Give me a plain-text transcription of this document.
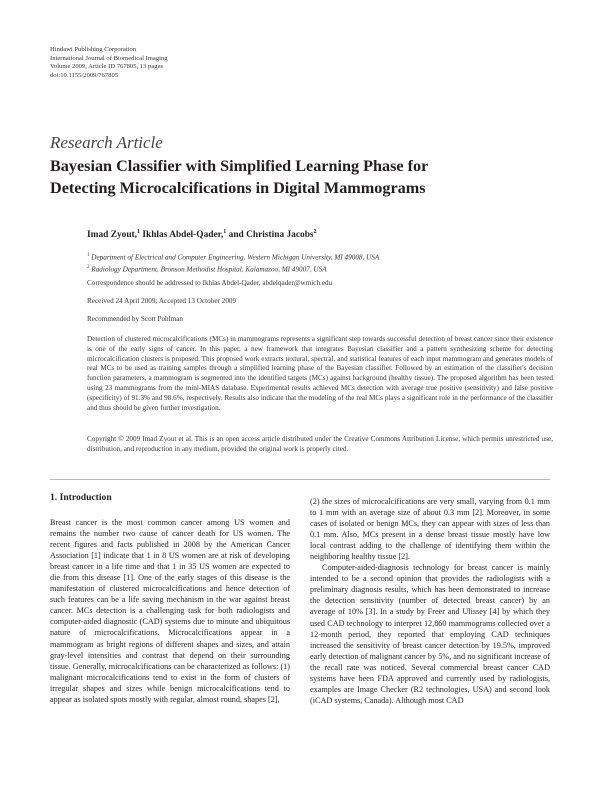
Hindawi Publishing Corporation
International Journal of Biomedical Imaging
Volume 2009, Article ID 767805, 13 pages
doi:10.1155/2009/767805
Research Article
Bayesian Classifier with Simplified Learning Phase for
Detecting Microcalcifications in Digital Mammograms
Imad Zyout,$^1$ Ikhlas Abdel-Qader,$^1$ and Christina Jacobs$^2$
$^1$ Department of Electrical and Computer Engineering, Western Michigan University, MI 49008, USA
$^2$ Radiology Department, Bronson Methodist Hospital, Kalamazoo, MI 49007, USA
Correspondence should be addressed to Ikhlas Abdel-Qader, abdelqader@wmich.edu
Received 24 April 2009; Accepted 13 October 2009
Recommended by Scott Pohlman
Detection of clustered microcalcifications (MCs) in mammograms represents a significant step towards successful detection of breast cancer since their existence is one of the early signs of cancer. In this paper, a new framework that integrates Bayesian classifier and a pattern synthesizing scheme for detecting microcalcification clusters is proposed. This proposed work extracts textural, spectral, and statistical features of each input mammogram and generates models of real MCs to be used as training samples through a simplified learning phase of the Bayesian classifier. Followed by an estimation of the classifier's decision function parameters, a mammogram is segmented into the identified targets (MCs) against background (healthy tissue). The proposed algorithm has been tested using 23 mammograms from the mini-MIAS database. Experimental results achieved MCs detection with average true positive (sensitivity) and false positive (specificity) of 91.3% and 98.6%, respectively. Results also indicate that the modeling of the real MCs plays a significant role in the performance of the classifier and thus should be given further investigation.
Copyright © 2009 Imad Zyout et al. This is an open access article distributed under the Creative Commons Attribution License, which permits unrestricted use, distribution, and reproduction in any medium, provided the original work is properly cited.
1. Introduction

Breast cancer is the most common cancer among US women and remains the number two cause of cancer death for US women. The recent figures and facts published in 2008 by the American Cancer Association [1] indicate that 1 in 8 US women are at risk of developing breast cancer in a life time and that 1 in 35 US women are expected to die from this disease [1]. One of the early stages of this disease is the manifestation of clustered microcalcifications and hence detection of such features can be a life saving mechanism in the war against breast cancer. MCs detection is a challenging task for both radiologists and computer-aided diagnostic (CAD) systems due to minute and ubiquitous nature of microcalcifications. Microcalcifications appear in a mammogram as bright regions of different shapes and sizes, and attain gray-level intensities and contrast that depend on their surrounding tissue. Generally, microcalcifications can be characterized as follows: (1) malignant microcalcifications tend to exist in the form of clusters of irregular shapes and sizes while benign microcalcifications tend to appear as isolated spots mostly with regular, almost round, shapes [2],

(2) the sizes of microcalcifications are very small, varying from 0.1 mm to 1 mm with an average size of about 0.3 mm [2]. Moreover, in some cases of isolated or benign MCs, they can appear with sizes of less than 0.1 mm. Also, MCs present in a dense breast tissue mostly have low local contrast adding to the challenge of identifying them within the neighboring healthy tissue [2].

Computer-aided-diagnosis technology for breast cancer is mainly intended to be a second opinion that provides the radiologists with a preliminary diagnosis results, which has been demonstrated to increase the detection sensitivity (number of detected breast cancer) by an average of 10% [3]. In a study by Freer and Ulissey [4] by which they used CAD technology to interpret 12,860 mammograms collected over a 12-month period, they reported that employing CAD techniques increased the sensitivity of breast cancer detection by 19.5%, improved early detection of malignant cancer by 5%, and no significant increase of the recall rate was noticed. Several commercial breast cancer CAD systems have been FDA approved and currently used by radiologists, examples are Image Checker (R2 technologies, USA) and second look (iCAD systems, Canada). Although most CAD
